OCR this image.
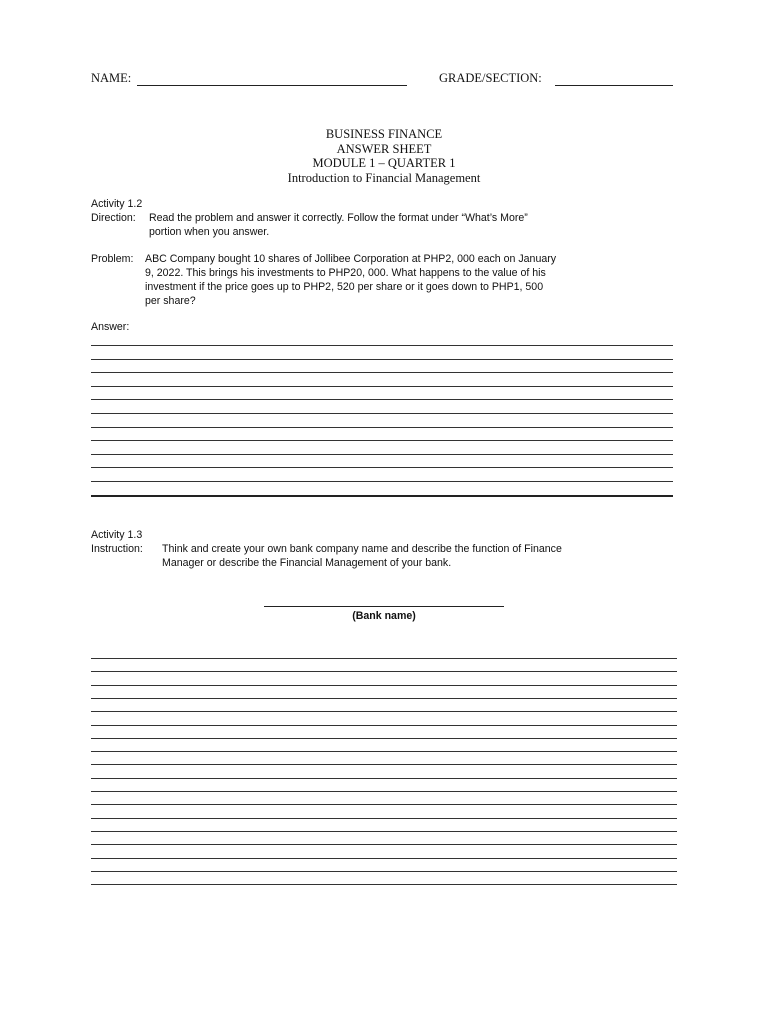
NAME:	GRADE/SECTION:
BUSINESS FINANCE
ANSWER SHEET
MODULE 1 – QUARTER 1
Introduction to Financial Management
Activity 1.2
Direction: Read the problem and answer it correctly. Follow the format under “What’s More”
portion when you answer.
Problem: ABC Company bought 10 shares of Jollibee Corporation at PHP2, 000 each on January
9, 2022. This brings his investments to PHP20, 000. What happens to the value of his
investment if the price goes up to PHP2, 520 per share or it goes down to PHP1, 500
per share?
Answer:
Activity 1.3
Instruction: Think and create your own bank company name and describe the function of Finance
Manager or describe the Financial Management of your bank.
(Bank name)
